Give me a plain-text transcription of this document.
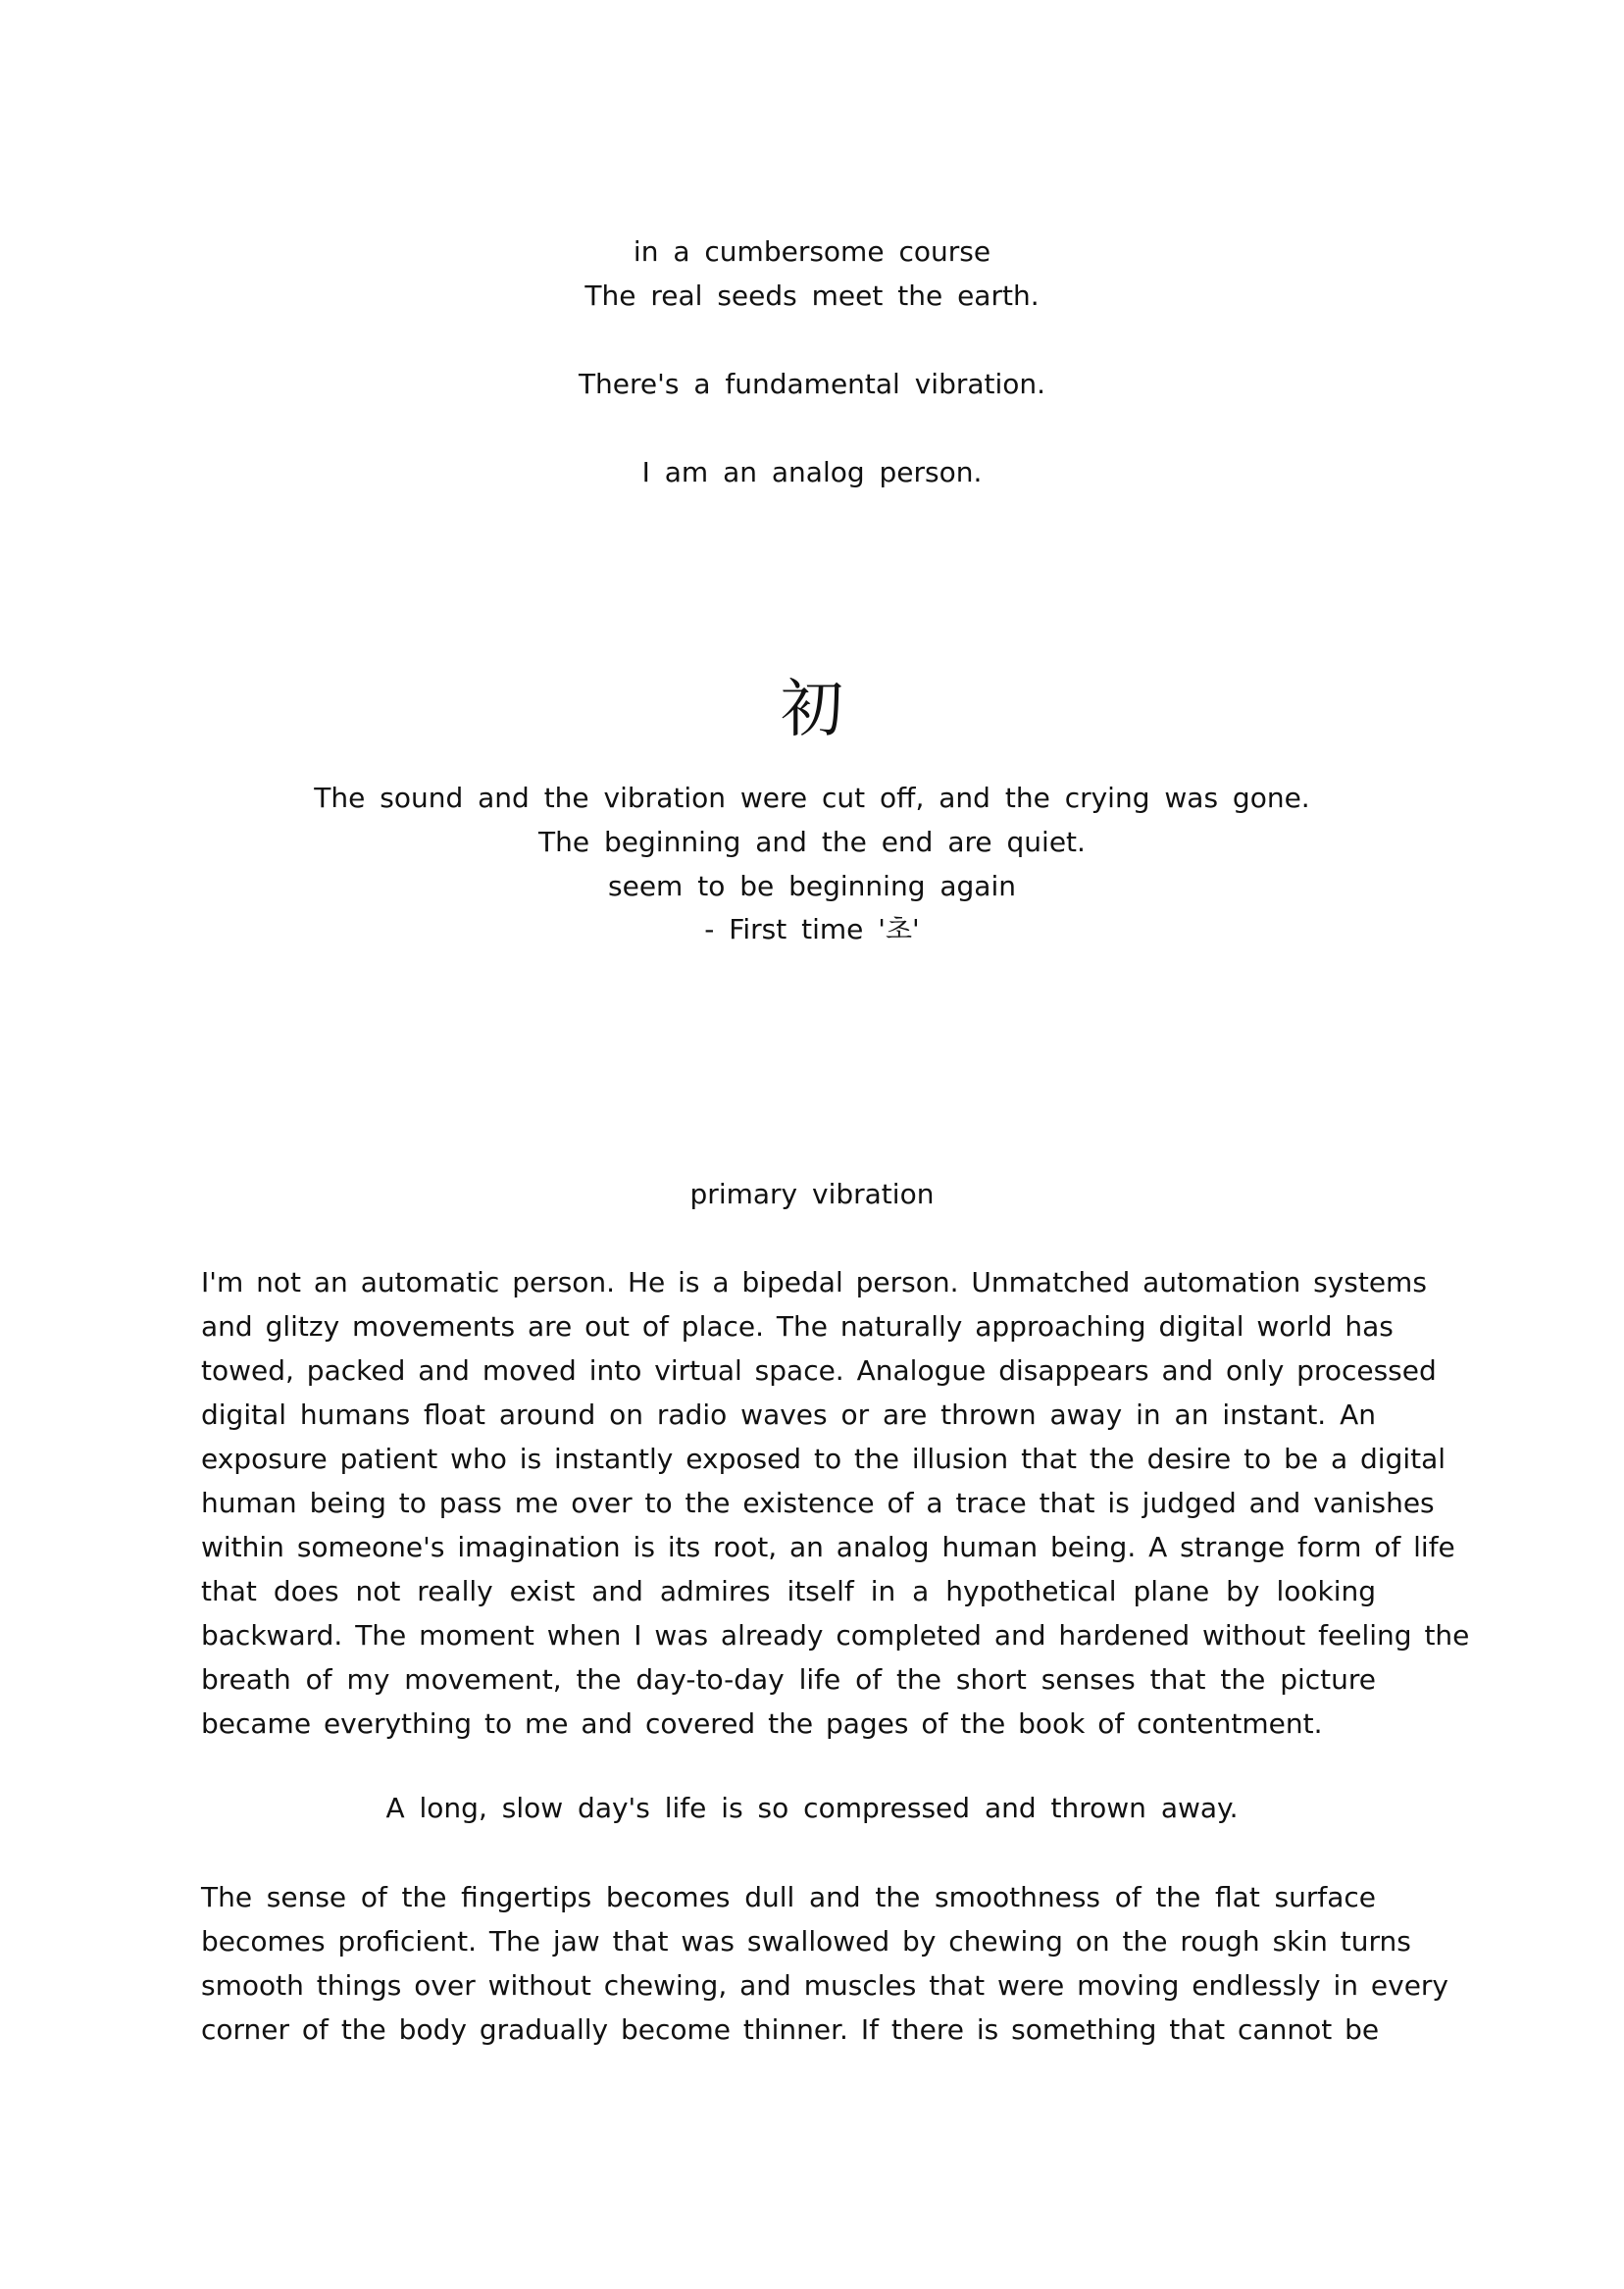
in a cumbersome course
The real seeds meet the earth.
There's a fundamental vibration.
I am an analog person.
初
The sound and the vibration were cut off, and the crying was gone.
The beginning and the end are quiet.
seem to be beginning again
- First time '초'
primary vibration
I'm not an automatic person. He is a bipedal person. Unmatched automation systems
and glitzy movements are out of place. The naturally approaching digital world has
towed, packed and moved into virtual space. Analogue disappears and only processed
digital humans float around on radio waves or are thrown away in an instant. An
exposure patient who is instantly exposed to the illusion that the desire to be a digital
human being to pass me over to the existence of a trace that is judged and vanishes
within someone's imagination is its root, an analog human being. A strange form of life
that does not really exist and admires itself in a hypothetical plane by looking
backward. The moment when I was already completed and hardened without feeling the
breath of my movement, the day-to-day life of the short senses that the picture
became everything to me and covered the pages of the book of contentment.
A long, slow day's life is so compressed and thrown away.
The sense of the fingertips becomes dull and the smoothness of the flat surface
becomes proficient. The jaw that was swallowed by chewing on the rough skin turns
smooth things over without chewing, and muscles that were moving endlessly in every
corner of the body gradually become thinner. If there is something that cannot be
